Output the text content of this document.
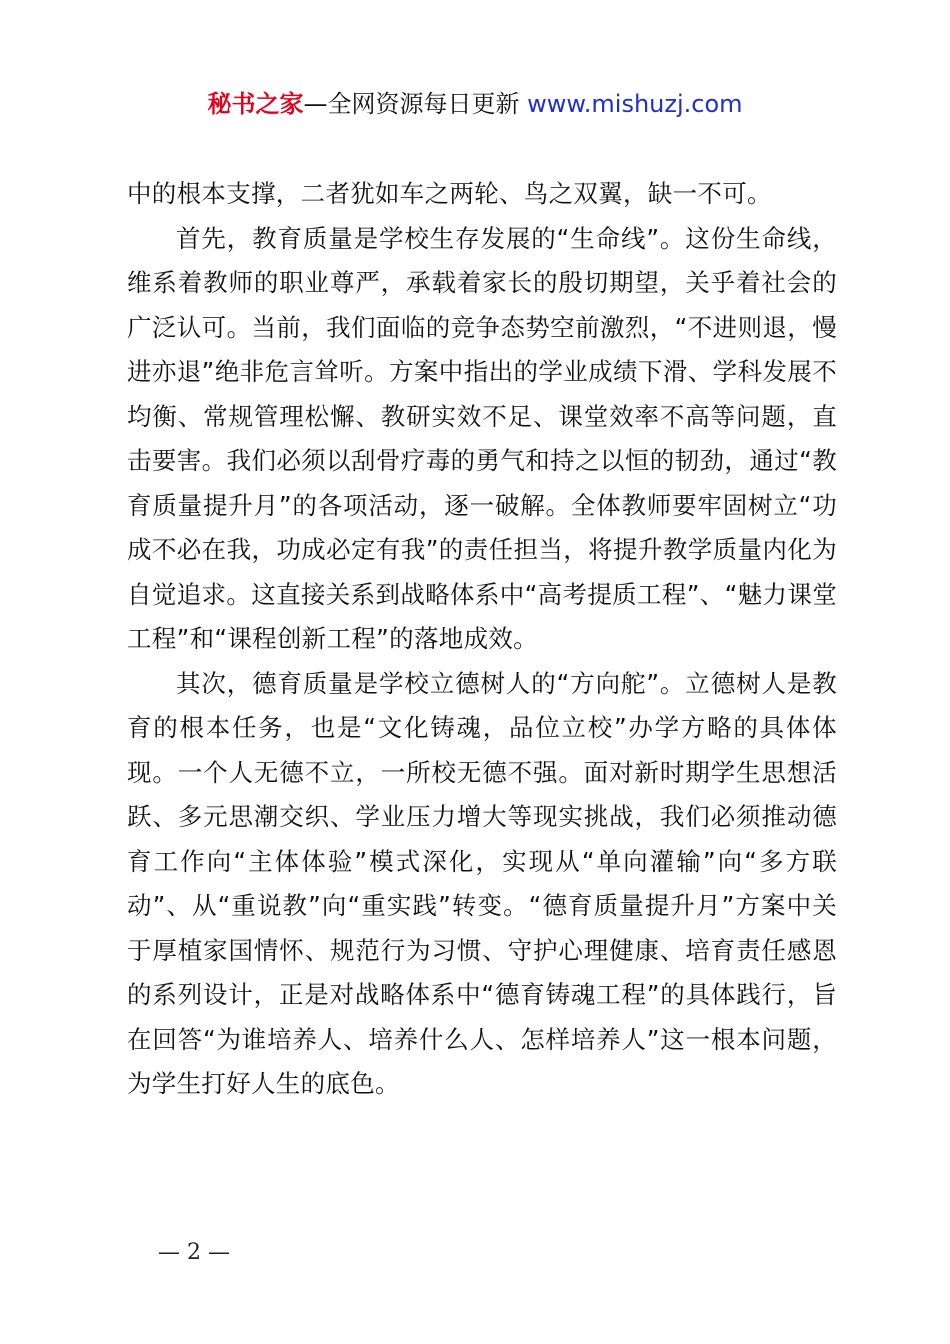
秘书之家—全网资源每日更新 www.mishuzj.com

中的根本支撑，二者犹如车之两轮、鸟之双翼，缺一不可。

首先，教育质量是学校生存发展的“生命线”。这份生命线，维系着教师的职业尊严，承载着家长的殷切期望，关乎着社会的广泛认可。当前，我们面临的竞争态势空前激烈，“不进则退，慢进亦退”绝非危言耸听。方案中指出的学业成绩下滑、学科发展不均衡、常规管理松懈、教研实效不足、课堂效率不高等问题，直击要害。我们必须以刮骨疗毒的勇气和持之以恒的韧劲，通过“教育质量提升月”的各项活动，逐一破解。全体教师要牢固树立“功成不必在我，功成必定有我”的责任担当，将提升教学质量内化为自觉追求。这直接关系到战略体系中“高考提质工程”、“魅力课堂工程”和“课程创新工程”的落地成效。

其次，德育质量是学校立德树人的“方向舵”。立德树人是教育的根本任务，也是“文化铸魂，品位立校”办学方略的具体体现。一个人无德不立，一所校无德不强。面对新时期学生思想活跃、多元思潮交织、学业压力增大等现实挑战，我们必须推动德育工作向“主体体验”模式深化，实现从“单向灌输”向“多方联动”、从“重说教”向“重实践”转变。“德育质量提升月”方案中关于厚植家国情怀、规范行为习惯、守护心理健康、培育责任感恩的系列设计，正是对战略体系中“德育铸魂工程”的具体践行，旨在回答“为谁培养人、培养什么人、怎样培养人”这一根本问题，为学生打好人生的底色。

— 2 —
